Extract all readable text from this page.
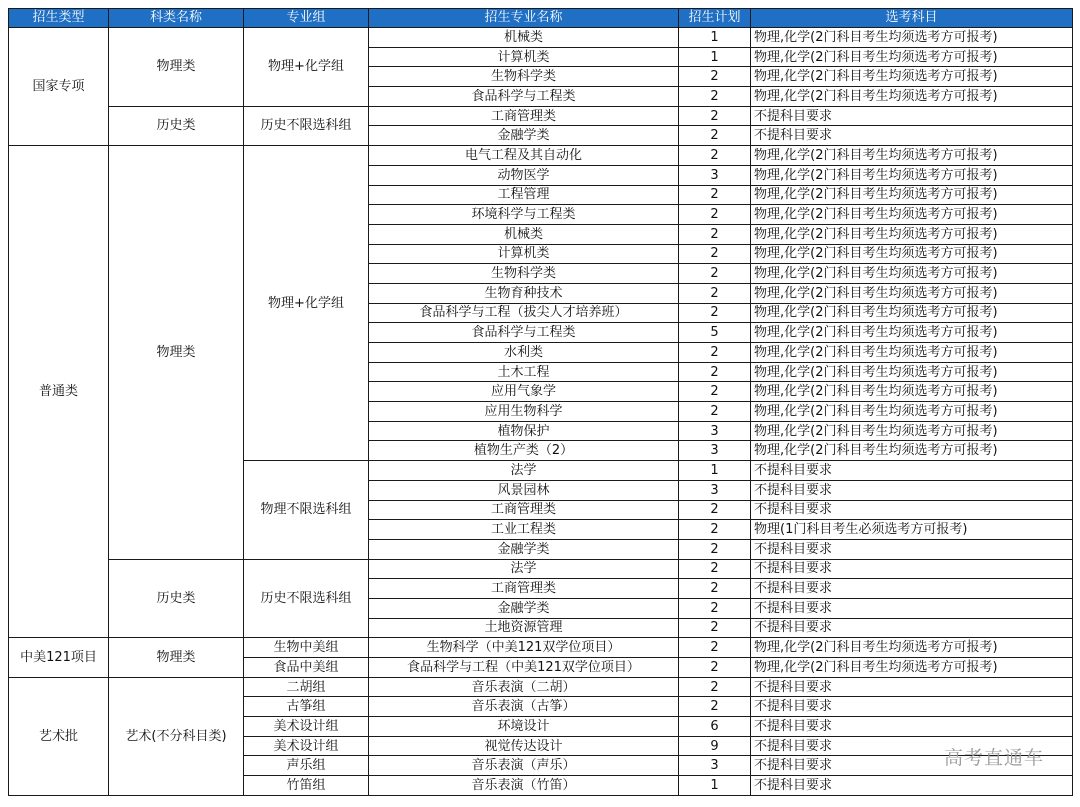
招生类型	科类名称	专业组	招生专业名称	招生计划	选考科目
国家专项	物理类	物理+化学组	机械类	1	物理,化学(2门科目考生均须选考方可报考)
			计算机类	1	物理,化学(2门科目考生均须选考方可报考)
			生物科学类	2	物理,化学(2门科目考生均须选考方可报考)
			食品科学与工程类	2	物理,化学(2门科目考生均须选考方可报考)
	历史类	历史不限选科组	工商管理类	2	不提科目要求
			金融学类	2	不提科目要求
普通类	物理类	物理+化学组	电气工程及其自动化	2	物理,化学(2门科目考生均须选考方可报考)
			动物医学	3	物理,化学(2门科目考生均须选考方可报考)
			工程管理	2	物理,化学(2门科目考生均须选考方可报考)
			环境科学与工程类	2	物理,化学(2门科目考生均须选考方可报考)
			机械类	2	物理,化学(2门科目考生均须选考方可报考)
			计算机类	2	物理,化学(2门科目考生均须选考方可报考)
			生物科学类	2	物理,化学(2门科目考生均须选考方可报考)
			生物育种技术	2	物理,化学(2门科目考生均须选考方可报考)
			食品科学与工程（拔尖人才培养班）	2	物理,化学(2门科目考生均须选考方可报考)
			食品科学与工程类	5	物理,化学(2门科目考生均须选考方可报考)
			水利类	2	物理,化学(2门科目考生均须选考方可报考)
			土木工程	2	物理,化学(2门科目考生均须选考方可报考)
			应用气象学	2	物理,化学(2门科目考生均须选考方可报考)
			应用生物科学	2	物理,化学(2门科目考生均须选考方可报考)
			植物保护	3	物理,化学(2门科目考生均须选考方可报考)
			植物生产类（2）	3	物理,化学(2门科目考生均须选考方可报考)
		物理不限选科组	法学	1	不提科目要求
			风景园林	3	不提科目要求
			工商管理类	2	不提科目要求
			工业工程类	2	物理(1门科目考生必须选考方可报考)
			金融学类	2	不提科目要求
	历史类	历史不限选科组	法学	2	不提科目要求
			工商管理类	2	不提科目要求
			金融学类	2	不提科目要求
			土地资源管理	2	不提科目要求
中美121项目	物理类	生物中美组	生物科学（中美121双学位项目）	2	物理,化学(2门科目考生均须选考方可报考)
		食品中美组	食品科学与工程（中美121双学位项目）	2	物理,化学(2门科目考生均须选考方可报考)
艺术批	艺术(不分科目类)	二胡组	音乐表演（二胡）	2	不提科目要求
		古筝组	音乐表演（古筝）	2	不提科目要求
		美术设计组	环境设计	6	不提科目要求
		美术设计组	视觉传达设计	9	不提科目要求
		声乐组	音乐表演（声乐）	3	不提科目要求
		竹笛组	音乐表演（竹笛）	1	不提科目要求
高考直通车
